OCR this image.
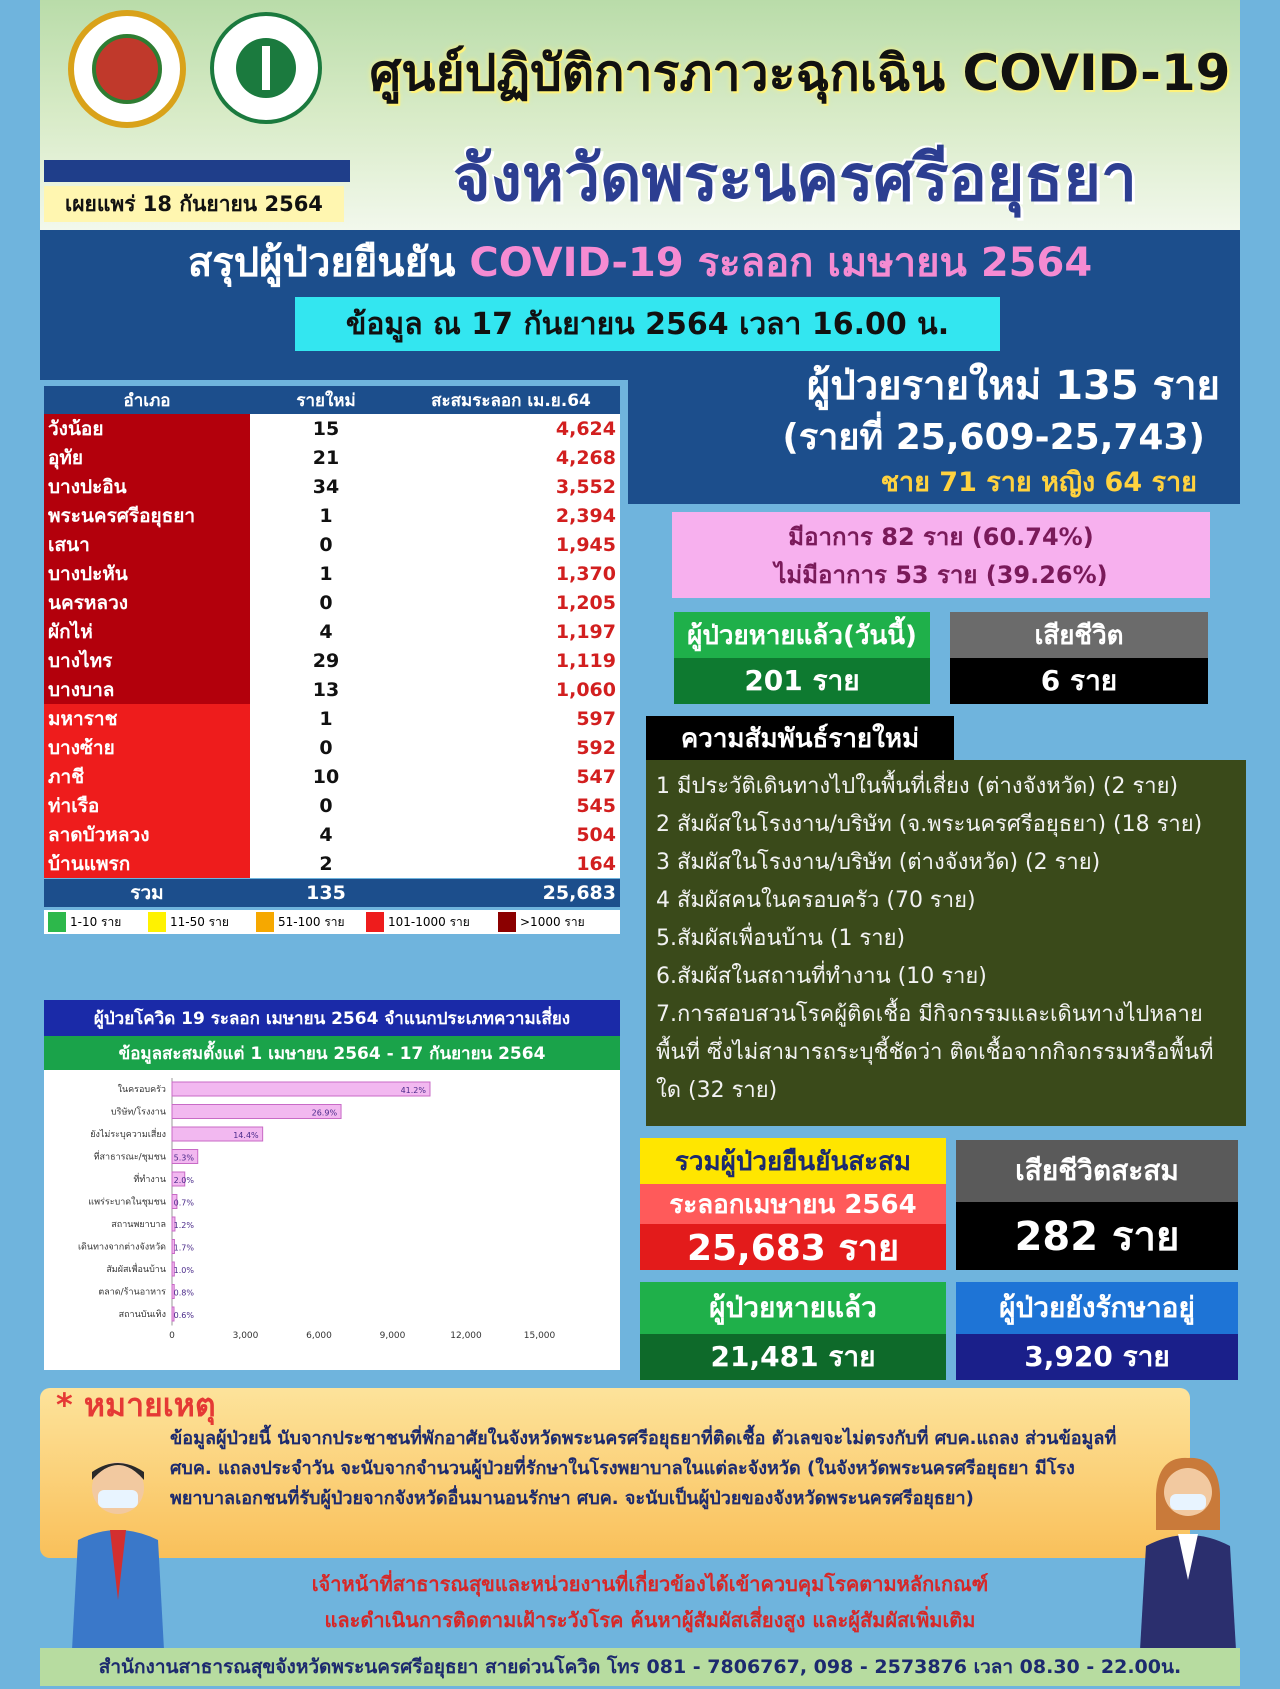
เผยแพร่ 18 กันยายน 2564
ศูนย์ปฏิบัติการภาวะฉุกเฉิน COVID-19
จังหวัดพระนครศรีอยุธยา
สรุปผู้ป่วยยืนยัน
COVID-19 ระลอก เมษายน 2564
ข้อมูล ณ 17 กันยายน 2564 เวลา 16.00 น.
อำเภอ	รายใหม่	สะสมระลอก เม.ย.64
วังน้อย	15	4,624
อุทัย	21	4,268
บางปะอิน	34	3,552
พระนครศรีอยุธยา	1	2,394
เสนา	0	1,945
บางปะหัน	1	1,370
นครหลวง	0	1,205
ผักไห่	4	1,197
บางไทร	29	1,119
บางบาล	13	1,060
มหาราช	1	597
บางซ้าย	0	592
ภาชี	10	547
ท่าเรือ	0	545
ลาดบัวหลวง	4	504
บ้านแพรก	2	164
รวม	135	25,683
1-10 ราย	11-50 ราย	51-100 ราย	101-1000 ราย	>1000 ราย
ผู้ป่วยรายใหม่ 135 ราย
(รายที่ 25,609-25,743)
ชาย 71 ราย หญิง 64 ราย
มีอาการ 82 ราย (60.74%)
ไม่มีอาการ 53 ราย (39.26%)
ผู้ป่วยหายแล้ว(วันนี้)
201 ราย
เสียชีวิต
6 ราย
ความสัมพันธ์รายใหม่
1 มีประวัติเดินทางไปในพื้นที่เสี่ยง (ต่างจังหวัด) (2 ราย)
2 สัมผัสในโรงงาน/บริษัท (จ.พระนครศรีอยุธยา) (18 ราย)
3 สัมผัสในโรงงาน/บริษัท (ต่างจังหวัด) (2 ราย)
4 สัมผัสคนในครอบครัว (70 ราย)
5.สัมผัสเพื่อนบ้าน (1 ราย)
6.สัมผัสในสถานที่ทำงาน (10 ราย)
7.การสอบสวนโรคผู้ติดเชื้อ มีกิจกรรมและเดินทางไปหลายพื้นที่ ซึ่งไม่สามารถระบุชี้ชัดว่า ติดเชื้อจากกิจกรรมหรือพื้นที่ใด (32 ราย)
รวมผู้ป่วยยืนยันสะสม
ระลอกเมษายน 2564
25,683 ราย
เสียชีวิตสะสม
282 ราย
ผู้ป่วยหายแล้ว
21,481 ราย
ผู้ป่วยยังรักษาอยู่
3,920 ราย
ผู้ป่วยโควิด 19 ระลอก เมษายน 2564 จำแนกประเภทความเสี่ยง
ข้อมูลสะสมตั้งแต่ 1 เมษายน 2564 - 17 กันยายน 2564
ในครอบครัว	41.2%
บริษัท/โรงงาน	26.9%
ยังไม่ระบุความเสี่ยง	14.4%
ที่สาธารณะ/ชุมชน 5.3%
ที่ทำงาน 2.0%
แพร่ระบาดในชุมชน 0.7%
สถานพยาบาล 1.2%
เดินทางจากต่างจังหวัด 1.7%
สัมผัสเพื่อนบ้าน 1.0%
ตลาด/ร้านอาหาร 0.8%
สถานบันเทิง 0.6%
0	3,000	6,000	9,000	12,000	15,000
* หมายเหตุ
ข้อมูลผู้ป่วยนี้ นับจากประชาชนที่พักอาศัยในจังหวัดพระนครศรีอยุธยาที่ติดเชื้อ ตัวเลขจะไม่ตรงกับที่ ศบค.แถลง ส่วนข้อมูลที่ ศบค. แถลงประจำวัน จะนับจากจำนวนผู้ป่วยที่รักษาในโรงพยาบาลในแต่ละจังหวัด (ในจังหวัดพระนครศรีอยุธยา มีโรงพยาบาลเอกชนที่รับผู้ป่วยจากจังหวัดอื่นมานอนรักษา ศบค. จะนับเป็นผู้ป่วยของจังหวัดพระนครศรีอยุธยา)
เจ้าหน้าที่สาธารณสุขและหน่วยงานที่เกี่ยวข้องได้เข้าควบคุมโรคตามหลักเกณฑ์
และดำเนินการติดตามเฝ้าระวังโรค ค้นหาผู้สัมผัสเสี่ยงสูง และผู้สัมผัสเพิ่มเติม
สำนักงานสาธารณสุขจังหวัดพระนครศรีอยุธยา สายด่วนโควิด โทร 081 - 7806767, 098 - 2573876 เวลา 08.30 - 22.00น.
